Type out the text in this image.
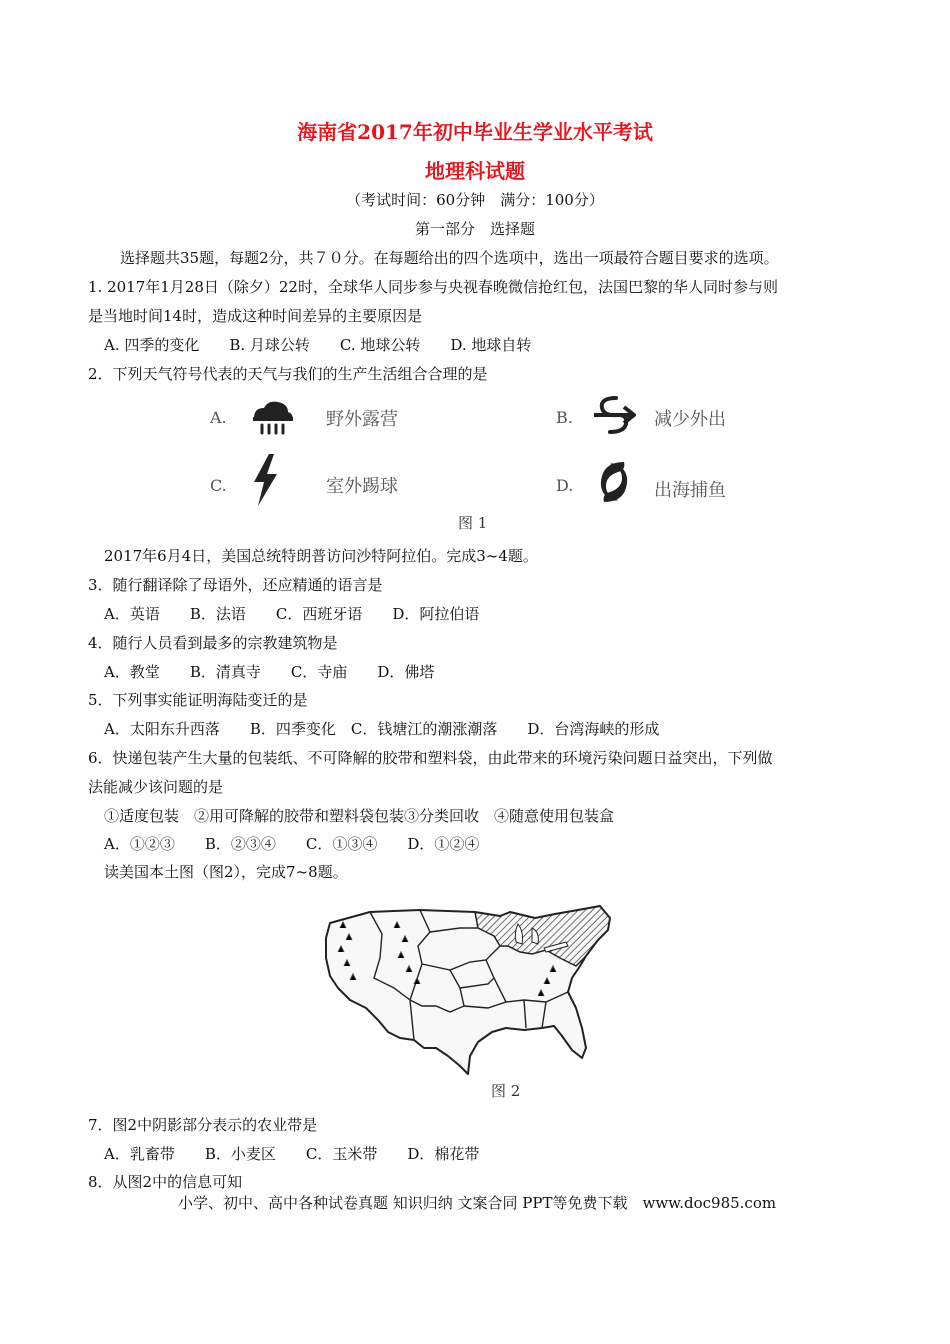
海南省2017年初中毕业生学业水平考试
地理科试题
（考试时间：60分钟　满分：100分）
第一部分　选择题
选择题共35题，每题2分，共７０分。在每题给出的四个选项中，选出一项最符合题目要求的选项。
1. 2017年1月28日（除夕）22时，全球华人同步参与央视春晚微信抢红包，法国巴黎的华人同时参与则
是当地时间14时，造成这种时间差异的主要原因是
A. 四季的变化　　B. 月球公转　　C. 地球公转　　D. 地球自转
2．下列天气符号代表的天气与我们的生产生活组合合理的是
A.	野外露营	B.	减少外出
C.	室外踢球	D.	出海捕鱼
图 1
2017年6月4日，美国总统特朗普访问沙特阿拉伯。完成3~4题。
3．随行翻译除了母语外，还应精通的语言是
A．英语　　B．法语　　C．西班牙语　　D．阿拉伯语
4．随行人员看到最多的宗教建筑物是
A．教堂　　B．清真寺　　C．寺庙　　D．佛塔
5．下列事实能证明海陆变迁的是
A．太阳东升西落　　B．四季变化　C．钱塘江的潮涨潮落　　D．台湾海峡的形成
6．快递包装产生大量的包装纸、不可降解的胶带和塑料袋，由此带来的环境污染问题日益突出，下列做
法能减少该问题的是
①适度包装　②用可降解的胶带和塑料袋包装③分类回收　④随意使用包装盒
A．①②③　　B．②③④　　C．①③④　　D．①②④
读美国本土图（图2），完成7~8题。
图 2
7．图2中阴影部分表示的农业带是
A．乳畜带　　B．小麦区　　C．玉米带　　D．棉花带
8．从图2中的信息可知
小学、初中、高中各种试卷真题 知识归纳 文案合同 PPT等免费下载　www.doc985.com
